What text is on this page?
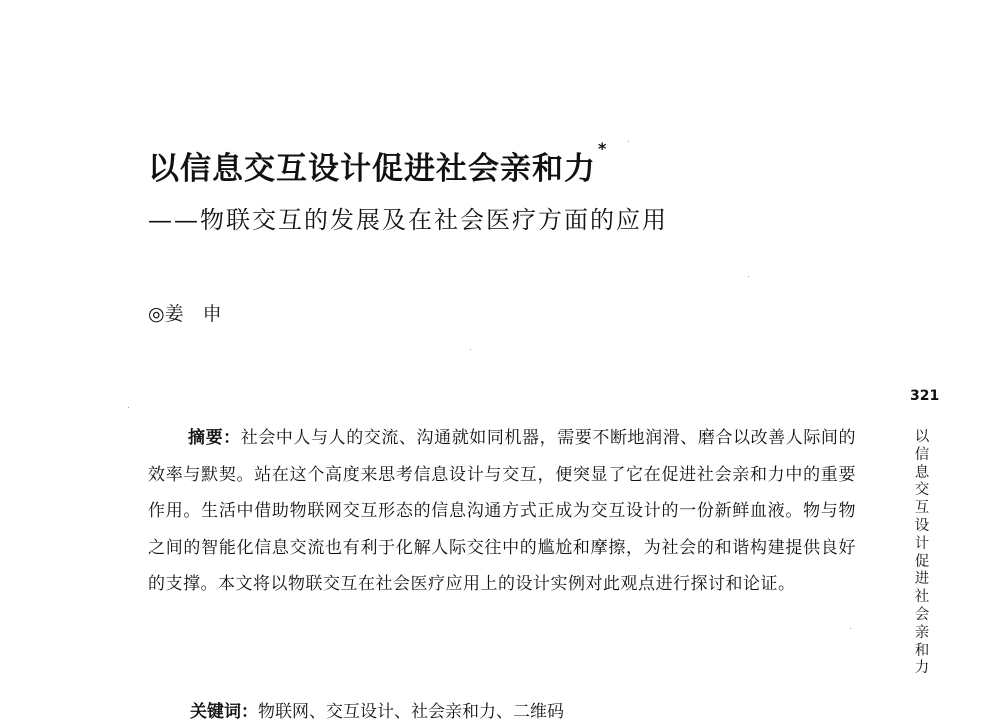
以信息交互设计促进社会亲和力*
——物联交互的发展及在社会医疗方面的应用
◎姜　申
321
以信息交互设计促进社会亲和力

摘要：社会中人与人的交流、沟通就如同机器，需要不断地润滑、磨合以改善人际间的效率与默契。站在这个高度来思考信息设计与交互，便突显了它在促进社会亲和力中的重要作用。生活中借助物联网交互形态的信息沟通方式正成为交互设计的一份新鲜血液。物与物之间的智能化信息交流也有利于化解人际交往中的尴尬和摩擦，为社会的和谐构建提供良好的支撑。本文将以物联交互在社会医疗应用上的设计实例对此观点进行探讨和论证。

关键词：物联网、交互设计、社会亲和力、二维码
